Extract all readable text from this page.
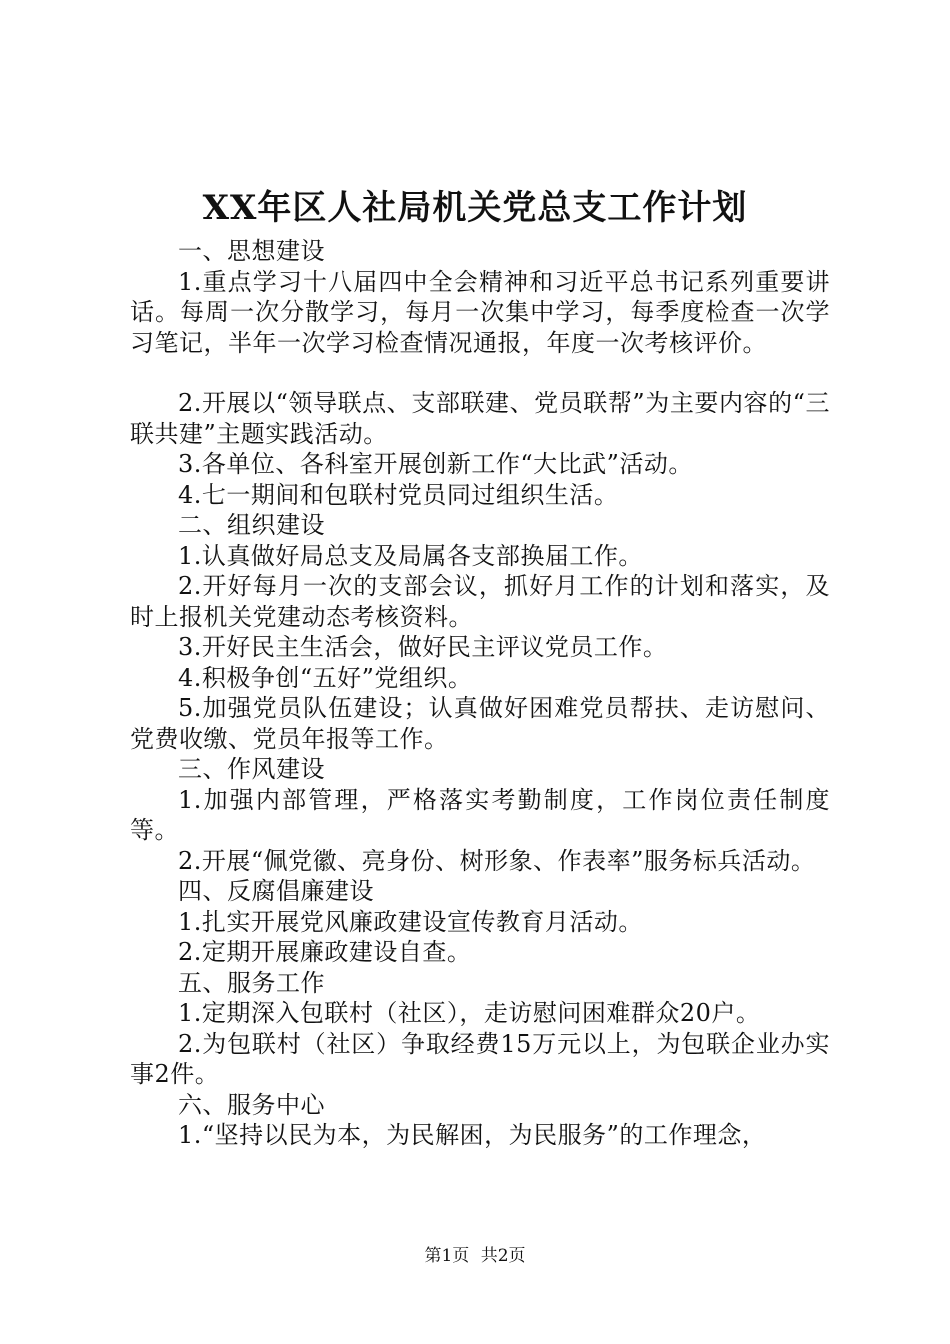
XX年区人社局机关党总支工作计划

一、思想建设

1.重点学习十八届四中全会精神和习近平总书记系列重要讲话。每周一次分散学习，每月一次集中学习，每季度检查一次学习笔记，半年一次学习检查情况通报，年度一次考核评价。

2.开展以“领导联点、支部联建、党员联帮”为主要内容的“三联共建”主题实践活动。

3.各单位、各科室开展创新工作“大比武”活动。

4.七一期间和包联村党员同过组织生活。

二、组织建设

1.认真做好局总支及局属各支部换届工作。

2.开好每月一次的支部会议，抓好月工作的计划和落实，及时上报机关党建动态考核资料。

3.开好民主生活会，做好民主评议党员工作。

4.积极争创“五好”党组织。

5.加强党员队伍建设；认真做好困难党员帮扶、走访慰问、党费收缴、党员年报等工作。

三、作风建设

1.加强内部管理，严格落实考勤制度，工作岗位责任制度等。

2.开展“佩党徽、亮身份、树形象、作表率”服务标兵活动。

四、反腐倡廉建设

1.扎实开展党风廉政建设宣传教育月活动。

2.定期开展廉政建设自查。

五、服务工作

1.定期深入包联村（社区），走访慰问困难群众20户。

2.为包联村（社区）争取经费15万元以上，为包联企业办实事2件。

六、服务中心

1.“坚持以民为本，为民解困，为民服务”的工作理念，

第1页 共2页
